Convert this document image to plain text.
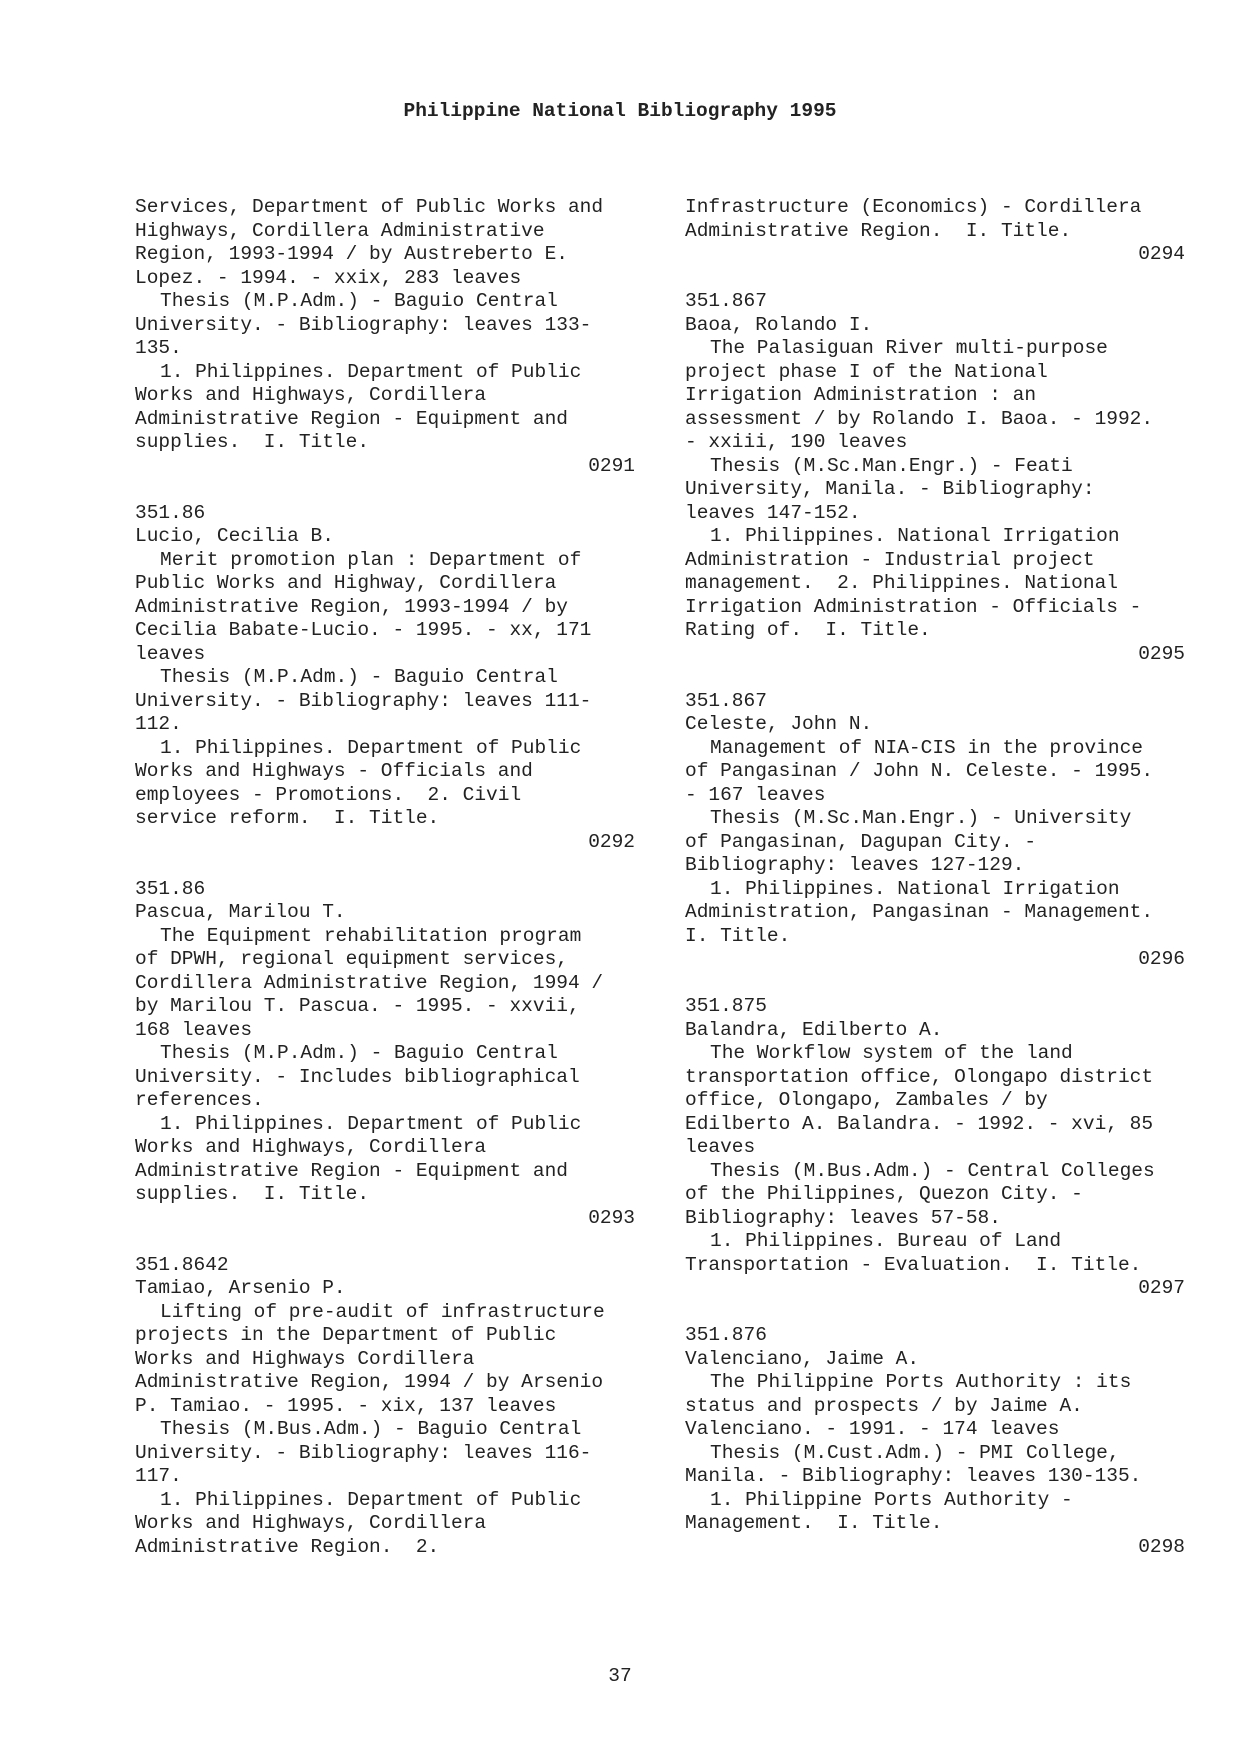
Philippine National Bibliography 1995
Services, Department of Public Works and
Highways, Cordillera Administrative
Region, 1993-1994 / by Austreberto E.
Lopez. - 1994. - xxix, 283 leaves
Thesis (M.P.Adm.) - Baguio Central
University. - Bibliography: leaves 133-
135.
1. Philippines. Department of Public
Works and Highways, Cordillera
Administrative Region - Equipment and
supplies.  I. Title.
0291
351.86
Lucio, Cecilia B.
Merit promotion plan : Department of
Public Works and Highway, Cordillera
Administrative Region, 1993-1994 / by
Cecilia Babate-Lucio. - 1995. - xx, 171
leaves
Thesis (M.P.Adm.) - Baguio Central
University. - Bibliography: leaves 111-
112.
1. Philippines. Department of Public
Works and Highways - Officials and
employees - Promotions.  2. Civil
service reform.  I. Title.
0292
351.86
Pascua, Marilou T.
The Equipment rehabilitation program
of DPWH, regional equipment services,
Cordillera Administrative Region, 1994 /
by Marilou T. Pascua. - 1995. - xxvii,
168 leaves
Thesis (M.P.Adm.) - Baguio Central
University. - Includes bibliographical
references.
1. Philippines. Department of Public
Works and Highways, Cordillera
Administrative Region - Equipment and
supplies.  I. Title.
0293
351.8642
Tamiao, Arsenio P.
Lifting of pre-audit of infrastructure
projects in the Department of Public
Works and Highways Cordillera
Administrative Region, 1994 / by Arsenio
P. Tamiao. - 1995. - xix, 137 leaves
Thesis (M.Bus.Adm.) - Baguio Central
University. - Bibliography: leaves 116-
117.
1. Philippines. Department of Public
Works and Highways, Cordillera
Administrative Region.  2.
Infrastructure (Economics) - Cordillera
Administrative Region.  I. Title.
0294
351.867
Baoa, Rolando I.
The Palasiguan River multi-purpose
project phase I of the National
Irrigation Administration : an
assessment / by Rolando I. Baoa. - 1992.
- xxiii, 190 leaves
Thesis (M.Sc.Man.Engr.) - Feati
University, Manila. - Bibliography:
leaves 147-152.
1. Philippines. National Irrigation
Administration - Industrial project
management.  2. Philippines. National
Irrigation Administration - Officials -
Rating of.  I. Title.
0295
351.867
Celeste, John N.
Management of NIA-CIS in the province
of Pangasinan / John N. Celeste. - 1995.
- 167 leaves
Thesis (M.Sc.Man.Engr.) - University
of Pangasinan, Dagupan City. -
Bibliography: leaves 127-129.
1. Philippines. National Irrigation
Administration, Pangasinan - Management.
I. Title.
0296
351.875
Balandra, Edilberto A.
The Workflow system of the land
transportation office, Olongapo district
office, Olongapo, Zambales / by
Edilberto A. Balandra. - 1992. - xvi, 85
leaves
Thesis (M.Bus.Adm.) - Central Colleges
of the Philippines, Quezon City. -
Bibliography: leaves 57-58.
1. Philippines. Bureau of Land
Transportation - Evaluation.  I. Title.
0297
351.876
Valenciano, Jaime A.
The Philippine Ports Authority : its
status and prospects / by Jaime A.
Valenciano. - 1991. - 174 leaves
Thesis (M.Cust.Adm.) - PMI College,
Manila. - Bibliography: leaves 130-135.
1. Philippine Ports Authority -
Management.  I. Title.
0298
37
